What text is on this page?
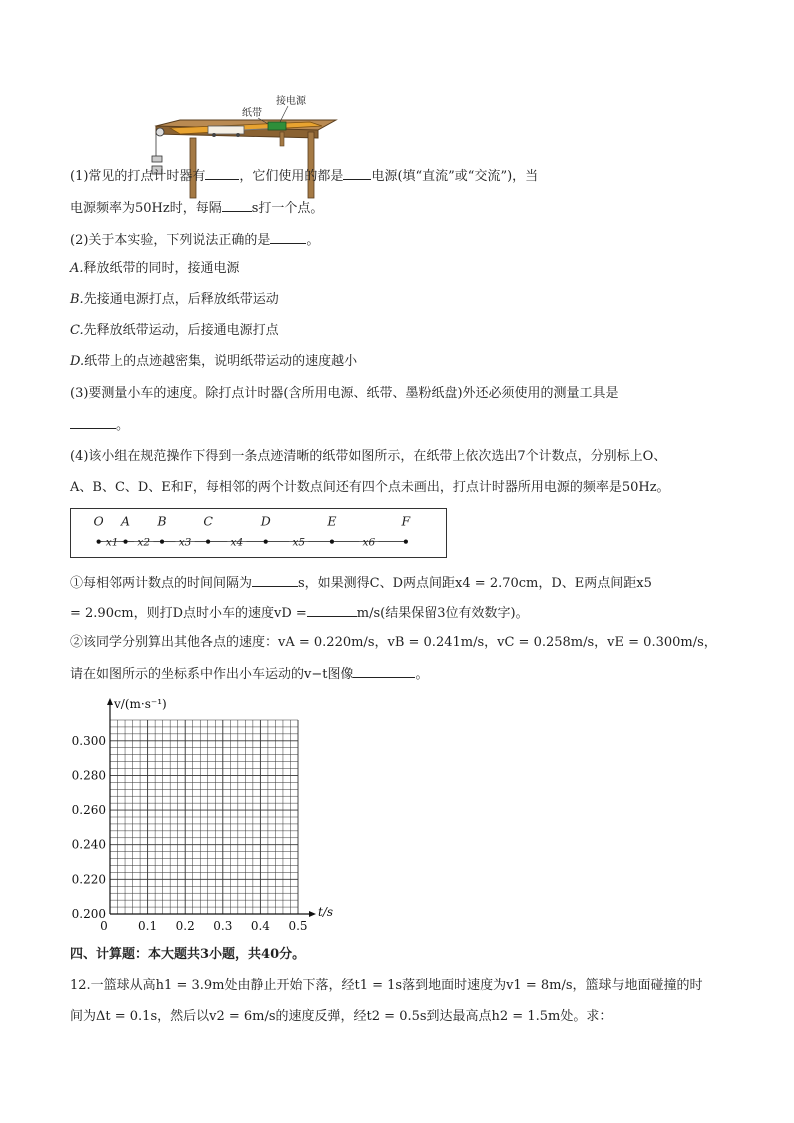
纸带
接电源
(1)常见的打点计时器有	，它们使用的都是 电源(填“直流”或“交流”)，当
电源频率为50Hz时，每隔 s打一个点。
(2)关于本实验，下列说法正确的是	。
A.释放纸带的同时，接通电源
B.先接通电源打点，后释放纸带运动
C.先释放纸带运动，后接通电源打点
D.纸带上的点迹越密集，说明纸带运动的速度越小
(3)要测量小车的速度。除打点计时器(含所用电源、纸带、墨粉纸盘)外还必须使用的测量工具是
。
(4)该小组在规范操作下得到一条点迹清晰的纸带如图所示，在纸带上依次选出7个计数点，分别标上O、
A、B、C、D、E和F，每相邻的两个计数点间还有四个点未画出，打点计时器所用电源的频率是50Hz。
O A B	C	D	E	F
x1 x2	x3	x4	x5	x6
①每相邻两计数点的时间间隔为	s，如果测得C、D两点间距x4 = 2.70cm，D、E两点间距x5
= 2.90cm，则打D点时小车的速度vD =	m/s(结果保留3位有效数字)。
②该同学分别算出其他各点的速度：vA = 0.220m/s，vB = 0.241m/s，vC = 0.258m/s，vE = 0.300m/s，
请在如图所示的坐标系中作出小车运动的v−t图像	。
0.200
0.220
0.240
0.260
0.280
0.300
0	0.1 0.2 0.3 0.4 0.5
t/s
v/(m·s⁻¹)
四、计算题：本大题共3小题，共40分。
12.一篮球从高h1 = 3.9m处由静止开始下落，经t1 = 1s落到地面时速度为v1 = 8m/s，篮球与地面碰撞的时
间为Δt = 0.1s，然后以v2 = 6m/s的速度反弹，经t2 = 0.5s到达最高点h2 = 1.5m处。求：
